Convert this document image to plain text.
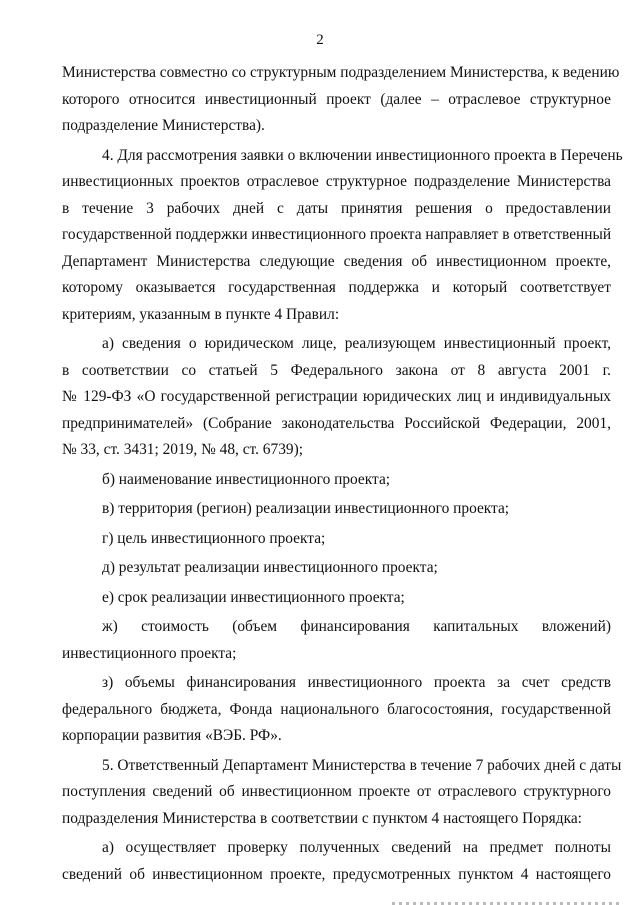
2
Министерства совместно со структурным подразделением Министерства, к ведению
которого относится инвестиционный проект (далее – отраслевое структурное
подразделение Министерства).
4. Для рассмотрения заявки о включении инвестиционного проекта в Перечень
инвестиционных проектов отраслевое структурное подразделение Министерства
в течение 3 рабочих дней с даты принятия решения о предоставлении
государственной поддержки инвестиционного проекта направляет в ответственный
Департамент Министерства следующие сведения об инвестиционном проекте,
которому оказывается государственная поддержка и который соответствует
критериям, указанным в пункте 4 Правил:
а) сведения о юридическом лице, реализующем инвестиционный проект,
в соответствии со статьей 5 Федерального закона от 8 августа 2001 г.
№ 129-ФЗ «О государственной регистрации юридических лиц и индивидуальных
предпринимателей» (Собрание законодательства Российской Федерации, 2001,
№ 33, ст. 3431; 2019, № 48, ст. 6739);
б) наименование инвестиционного проекта;
в) территория (регион) реализации инвестиционного проекта;
г) цель инвестиционного проекта;
д) результат реализации инвестиционного проекта;
е) срок реализации инвестиционного проекта;
ж) стоимость (объем финансирования капитальных вложений)
инвестиционного проекта;
з) объемы финансирования инвестиционного проекта за счет средств
федерального бюджета, Фонда национального благосостояния, государственной
корпорации развития «ВЭБ. РФ».
5. Ответственный Департамент Министерства в течение 7 рабочих дней с даты
поступления сведений об инвестиционном проекте от отраслевого структурного
подразделения Министерства в соответствии с пунктом 4 настоящего Порядка:
а) осуществляет проверку полученных сведений на предмет полноты
сведений об инвестиционном проекте, предусмотренных пунктом 4 настоящего
